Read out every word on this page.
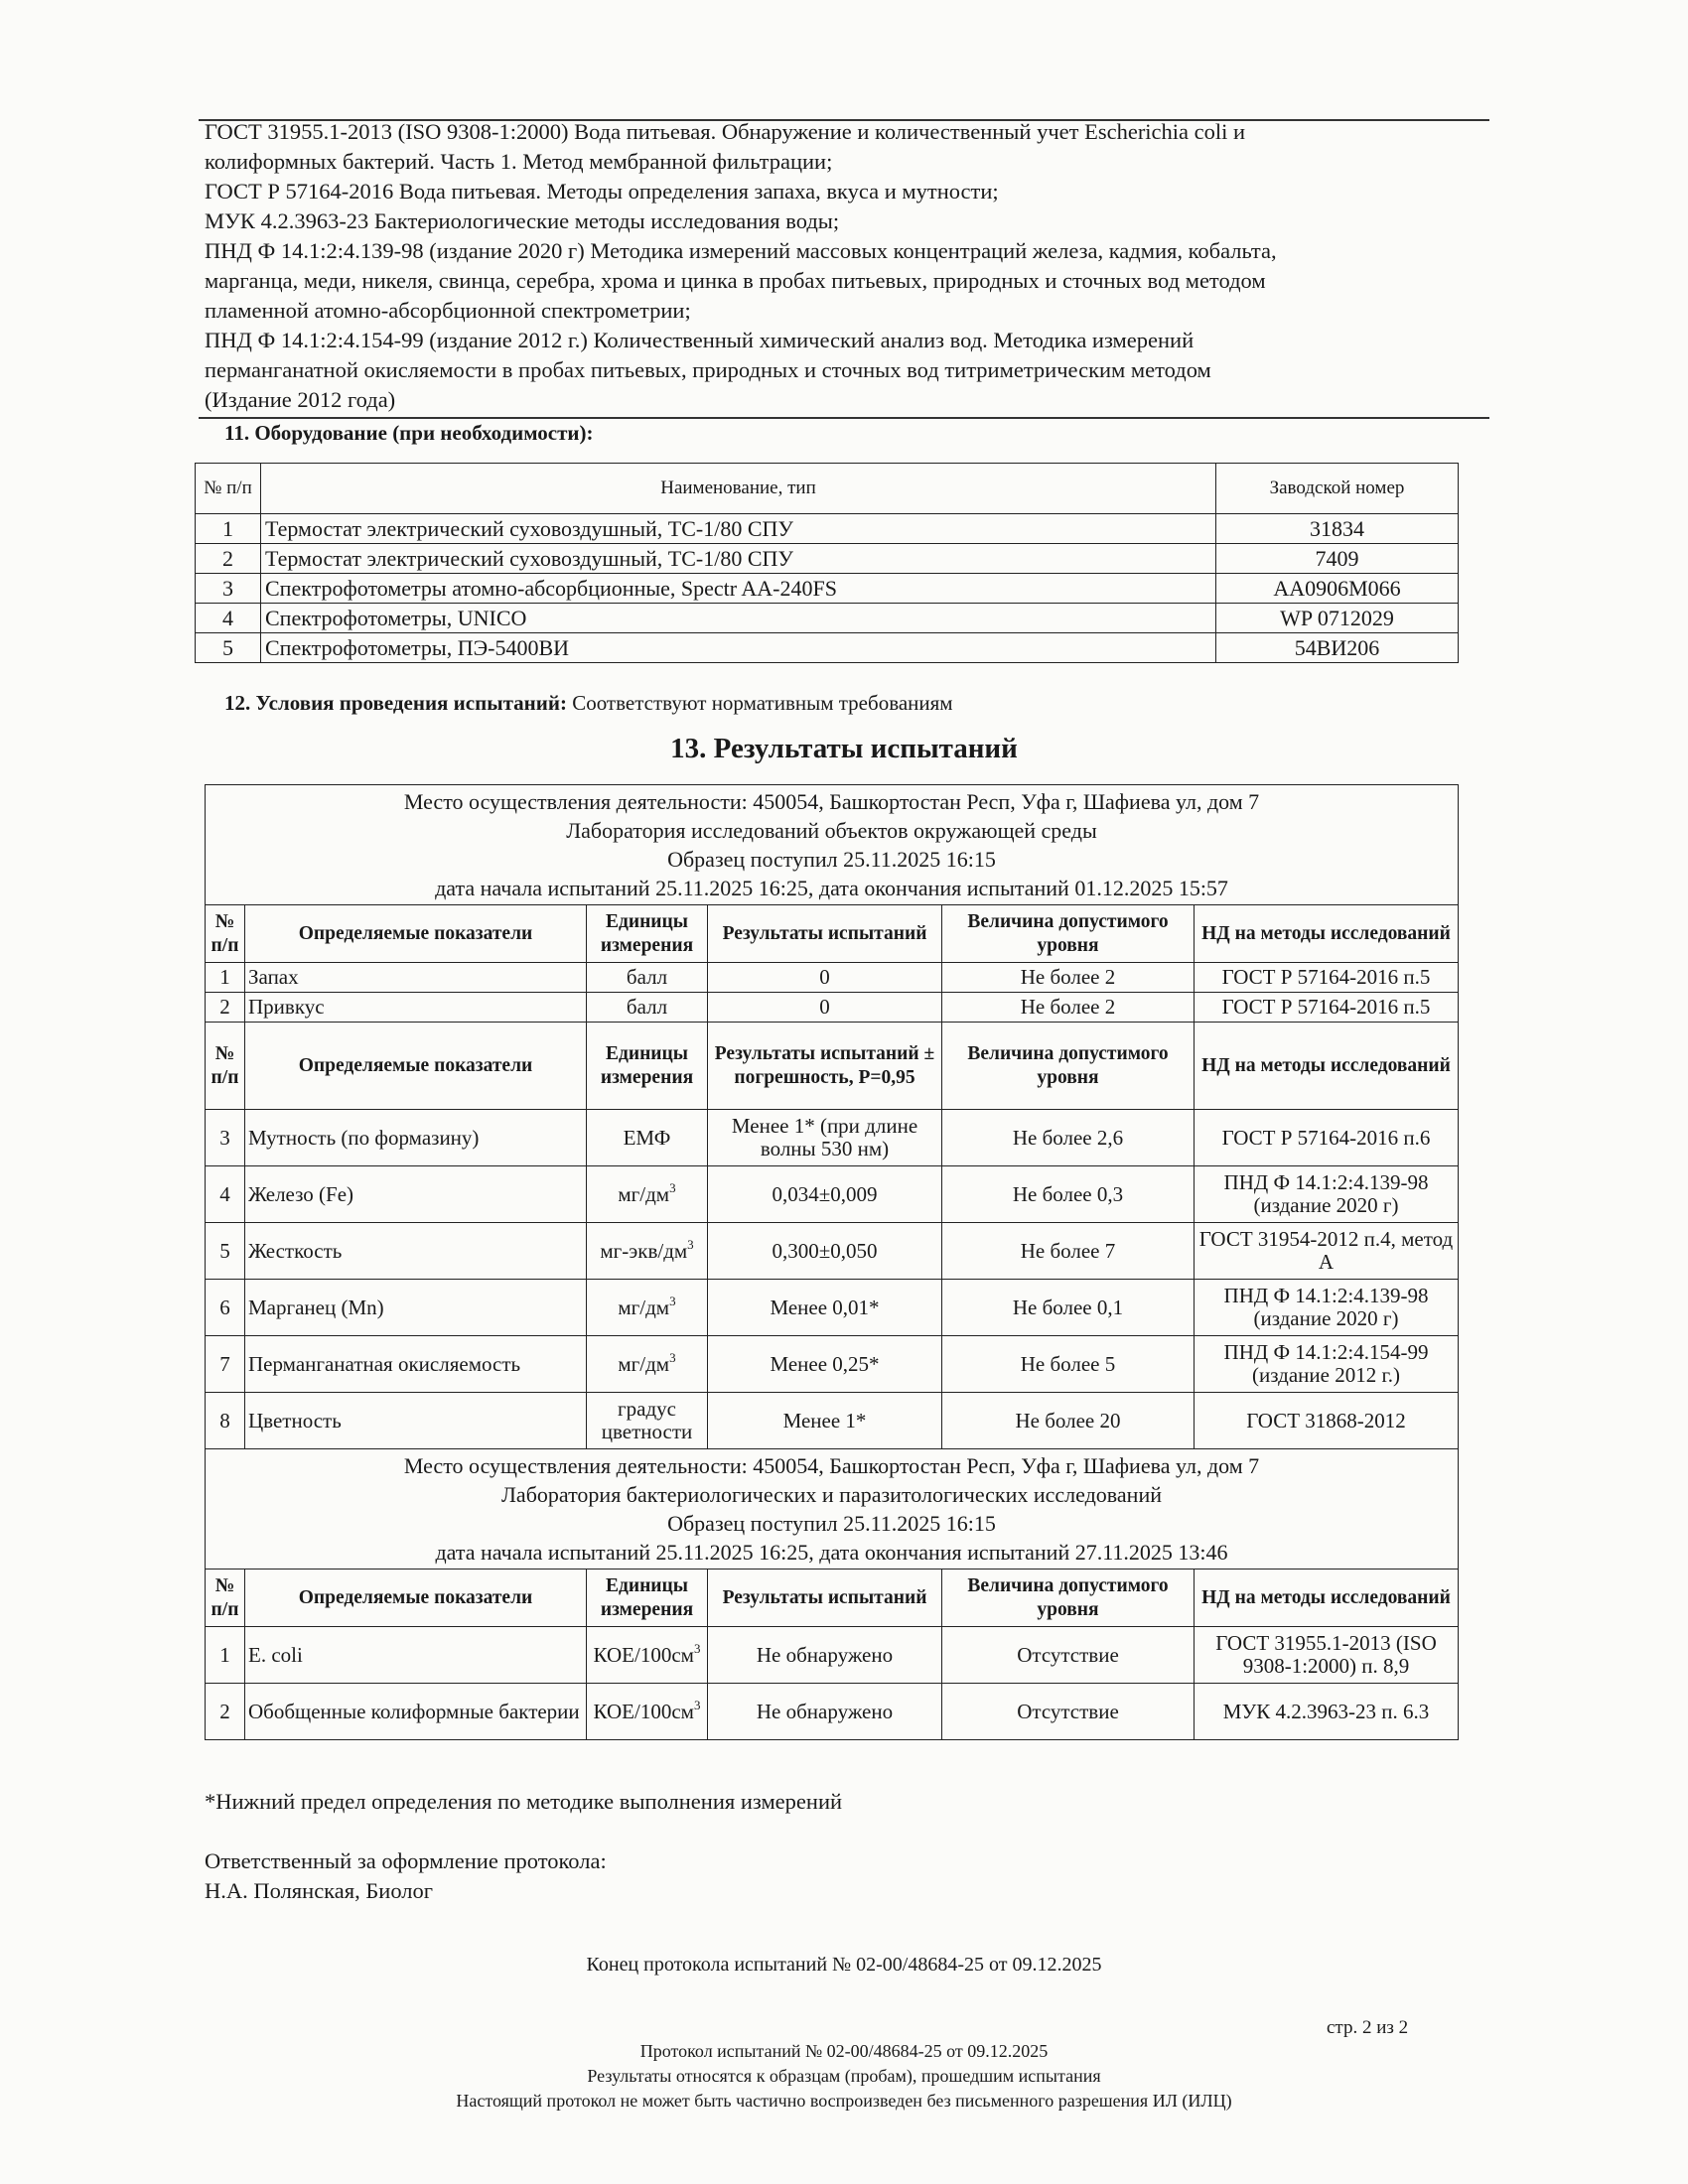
ГОСТ 31955.1-2013 (ISO 9308-1:2000) Вода питьевая. Обнаружение и количественный учет Escherichia coli и
колиформных бактерий. Часть 1. Метод мембранной фильтрации;
ГОСТ Р 57164-2016 Вода питьевая. Методы определения запаха, вкуса и мутности;
МУК 4.2.3963-23 Бактериологические методы исследования воды;
ПНД Ф 14.1:2:4.139-98 (издание 2020 г) Методика измерений массовых концентраций железа, кадмия, кобальта,
марганца, меди, никеля, свинца, серебра, хрома и цинка в пробах питьевых, природных и сточных вод методом
пламенной атомно-абсорбционной спектрометрии;
ПНД Ф 14.1:2:4.154-99 (издание 2012 г.) Количественный химический анализ вод. Методика измерений
перманганатной окисляемости в пробах питьевых, природных и сточных вод титриметрическим методом
(Издание 2012 года)
11. Оборудование (при необходимости):
№ п/п	Наименование, тип	Заводской номер
1	Термостат электрический суховоздушный, ТС-1/80 СПУ	31834
2	Термостат электрический суховоздушный, ТС-1/80 СПУ	7409
3	Спектрофотометры атомно-абсорбционные, Spectr AA-240FS	AA0906M066
4	Спектрофотометры, UNICO	WP 0712029
5	Спектрофотометры, ПЭ-5400ВИ	54ВИ206
12. Условия проведения испытаний: Соответствуют нормативным требованиям
13. Результаты испытаний
Место осуществления деятельности: 450054, Башкортостан Респ, Уфа г, Шафиева ул, дом 7
Лаборатория исследований объектов окружающей среды
Образец поступил 25.11.2025 16:15
дата начала испытаний 25.11.2025 16:25, дата окончания испытаний 01.12.2025 15:57					

№ п/п	Определяемые показатели	Единицы измерения	Результаты испытаний	Величина допустимого уровня	НД на методы исследований
1	Запах	балл	0	Не более 2	ГОСТ Р 57164-2016 п.5
2	Привкус	балл	0	Не более 2	ГОСТ Р 57164-2016 п.5
№ п/п	Определяемые показатели	Единицы измерения	Результаты испытаний ± погрешность, P=0,95	Величина допустимого уровня	НД на методы исследований
3	Мутность (по формазину)	ЕМФ	Менее 1* (при длине волны 530 нм)	Не более 2,6	ГОСТ Р 57164-2016 п.6
4	Железо (Fe)	$мг/дм^3$	0,034±0,009	Не более 0,3	ПНД Ф 14.1:2:4.139-98 (издание 2020 г)
5	Жесткость	$мг-экв/дм^3$	0,300±0,050	Не более 7	ГОСТ 31954-2012 п.4, метод А
6	Марганец (Mn)	$мг/дм^3$	Менее 0,01*	Не более 0,1	ПНД Ф 14.1:2:4.139-98 (издание 2020 г)
7	Перманганатная окисляемость	$мг/дм^3$	Менее 0,25*	Не более 5	ПНД Ф 14.1:2:4.154-99 (издание 2012 г.)
8	Цветность	градус цветности	Менее 1*	Не более 20	ГОСТ 31868-2012

Место осуществления деятельности: 450054, Башкортостан Респ, Уфа г, Шафиева ул, дом 7
Лаборатория бактериологических и паразитологических исследований
Образец поступил 25.11.2025 16:15
дата начала испытаний 25.11.2025 16:25, дата окончания испытаний 27.11.2025 13:46					

№ п/п	Определяемые показатели	Единицы измерения	Результаты испытаний	Величина допустимого уровня	НД на методы исследований
1	E. coli	КОЕ/$100см^3$	Не обнаружено	Отсутствие	ГОСТ 31955.1-2013 (ISO 9308-1:2000) п. 8,9
2	Обобщенные колиформные бактерии	КОЕ/$100см^3$	Не обнаружено	Отсутствие	МУК 4.2.3963-23 п. 6.3
*Нижний предел определения по методике выполнения измерений
Ответственный за оформление протокола:
Н.А. Полянская, Биолог
Конец протокола испытаний № 02-00/48684-25 от 09.12.2025
стр. 2 из 2
Протокол испытаний № 02-00/48684-25 от 09.12.2025
Результаты относятся к образцам (пробам), прошедшим испытания
Настоящий протокол не может быть частично воспроизведен без письменного разрешения ИЛ (ИЛЦ)
